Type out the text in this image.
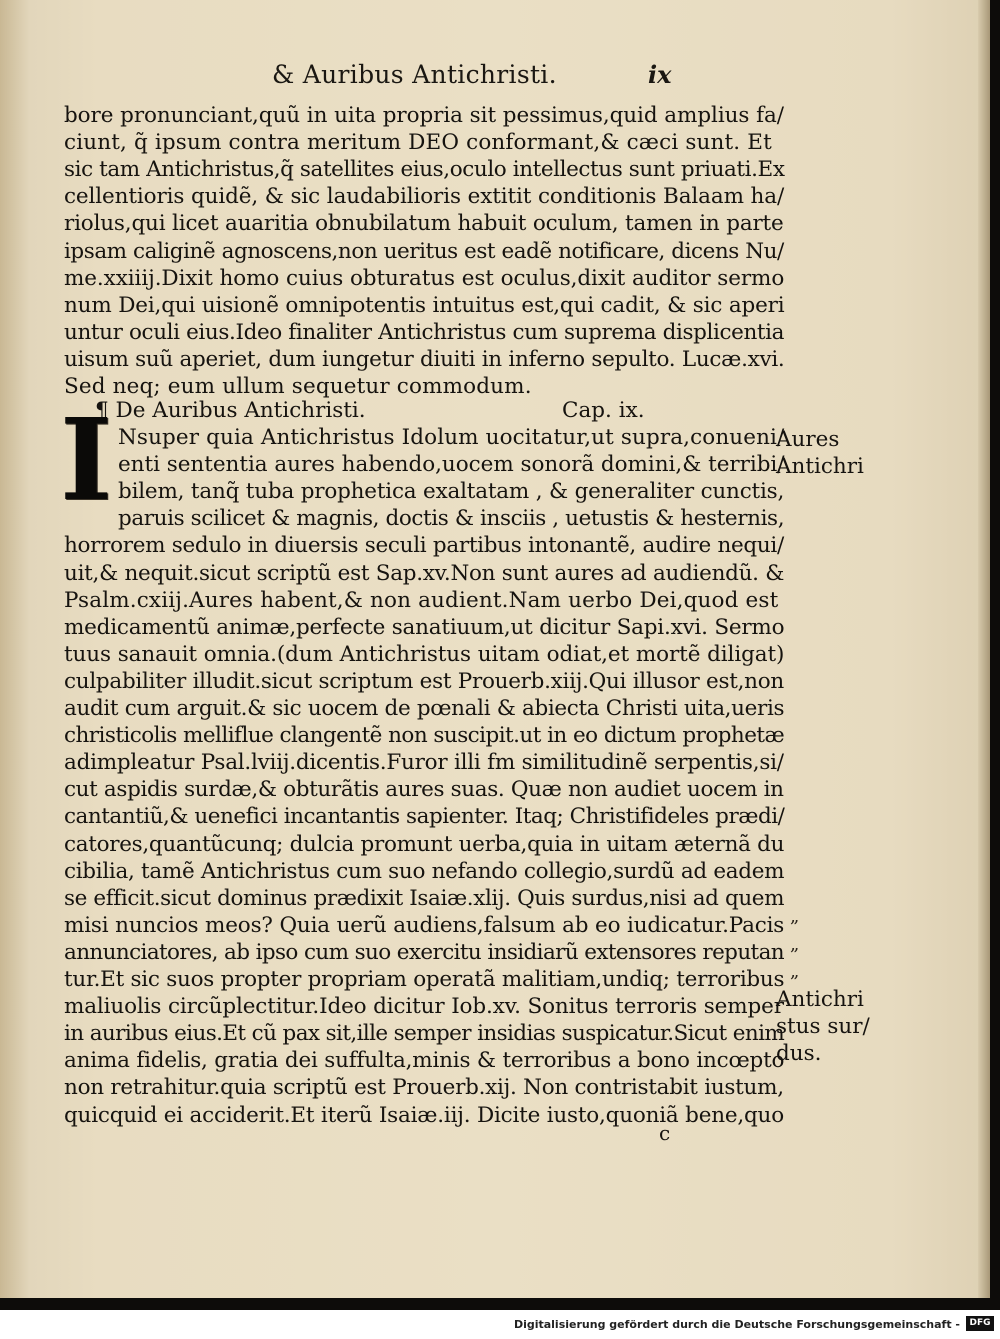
& Auribus Antichristi.	ix
bore pronunciant,quũ in uita propria sit pessimus,quid amplius fa/
ciunt, q̃ ipsum contra meritum DEO conformant,& cæci sunt. Et
sic tam Antichristus,q̃ satellites eius,oculo intellectus sunt priuati.Ex
cellentioris quidẽ, & sic laudabilioris extitit conditionis Balaam ha/
riolus,qui licet auaritia obnubilatum habuit oculum, tamen in parte
ipsam caliginẽ agnoscens,non ueritus est eadẽ notificare, dicens Nu/
me.xxiiij.Dixit homo cuius obturatus est oculus,dixit auditor sermo
num Dei,qui uisionẽ omnipotentis intuitus est,qui cadit, & sic aperi
untur oculi eius.Ideo finaliter Antichristus cum suprema displicentia
uisum suũ aperiet, dum iungetur diuiti in inferno sepulto. Lucæ.xvi.
Sed neq; eum ullum sequetur commodum.
Nsuper quia Antichristus Idolum uocitatur,ut supra,conueni/
enti sententia aures habendo,uocem sonorã domini,& terribi/
bilem, tanq̃ tuba prophetica exaltatam , & generaliter cunctis,
paruis scilicet & magnis, doctis & insciis , uetustis & hesternis,
horrorem sedulo in diuersis seculi partibus intonantẽ, audire nequi/
uit,& nequit.sicut scriptũ est Sap.xv.Non sunt aures ad audiendũ. &
Psalm.cxiij.Aures habent,& non audient.Nam uerbo Dei,quod est
medicamentũ animæ,perfecte sanatiuum,ut dicitur Sapi.xvi. Sermo
tuus sanauit omnia.(dum Antichristus uitam odiat,et mortẽ diligat)
culpabiliter illudit.sicut scriptum est Prouerb.xiij.Qui illusor est,non
audit cum arguit.& sic uocem de pœnali & abiecta Christi uita,ueris
christicolis melliflue clangentẽ non suscipit.ut in eo dictum prophetæ
adimpleatur Psal.lviij.dicentis.Furor illi fm similitudinẽ serpentis,si/
cut aspidis surdæ,& obturãtis aures suas. Quæ non audiet uocem in
cantantiũ,& uenefici incantantis sapienter. Itaq; Christifideles prædi/
catores,quantũcunq; dulcia promunt uerba,quia in uitam æternã du
cibilia, tamẽ Antichristus cum suo nefando collegio,surdũ ad eadem
se efficit.sicut dominus prædixit Isaiæ.xlij. Quis surdus,nisi ad quem
misi nuncios meos? Quia uerũ audiens,falsum ab eo iudicatur.Pacis
annunciatores, ab ipso cum suo exercitu insidiarũ extensores reputan
tur.Et sic suos propter propriam operatã malitiam,undiq; terroribus
maliuolis circũplectitur.Ideo dicitur Iob.xv. Sonitus terroris semper
in auribus eius.Et cũ pax sit,ille semper insidias suspicatur.Sicut enim
anima fidelis, gratia dei suffulta,minis & terroribus a bono incœpto
non retrahitur.quia scriptũ est Prouerb.xij. Non contristabit iustum,
quicquid ei acciderit.Et iterũ Isaiæ.iij. Dicite iusto,quoniã bene,quo
¶ De Auribus Antichristi.	Cap. ix.
I	Aures
Antichri
„
„
„
Antichri
stus sur/
dus.
c
Digitalisierung gefördert durch die Deutsche Forschungsgemeinschaft -	DFG
